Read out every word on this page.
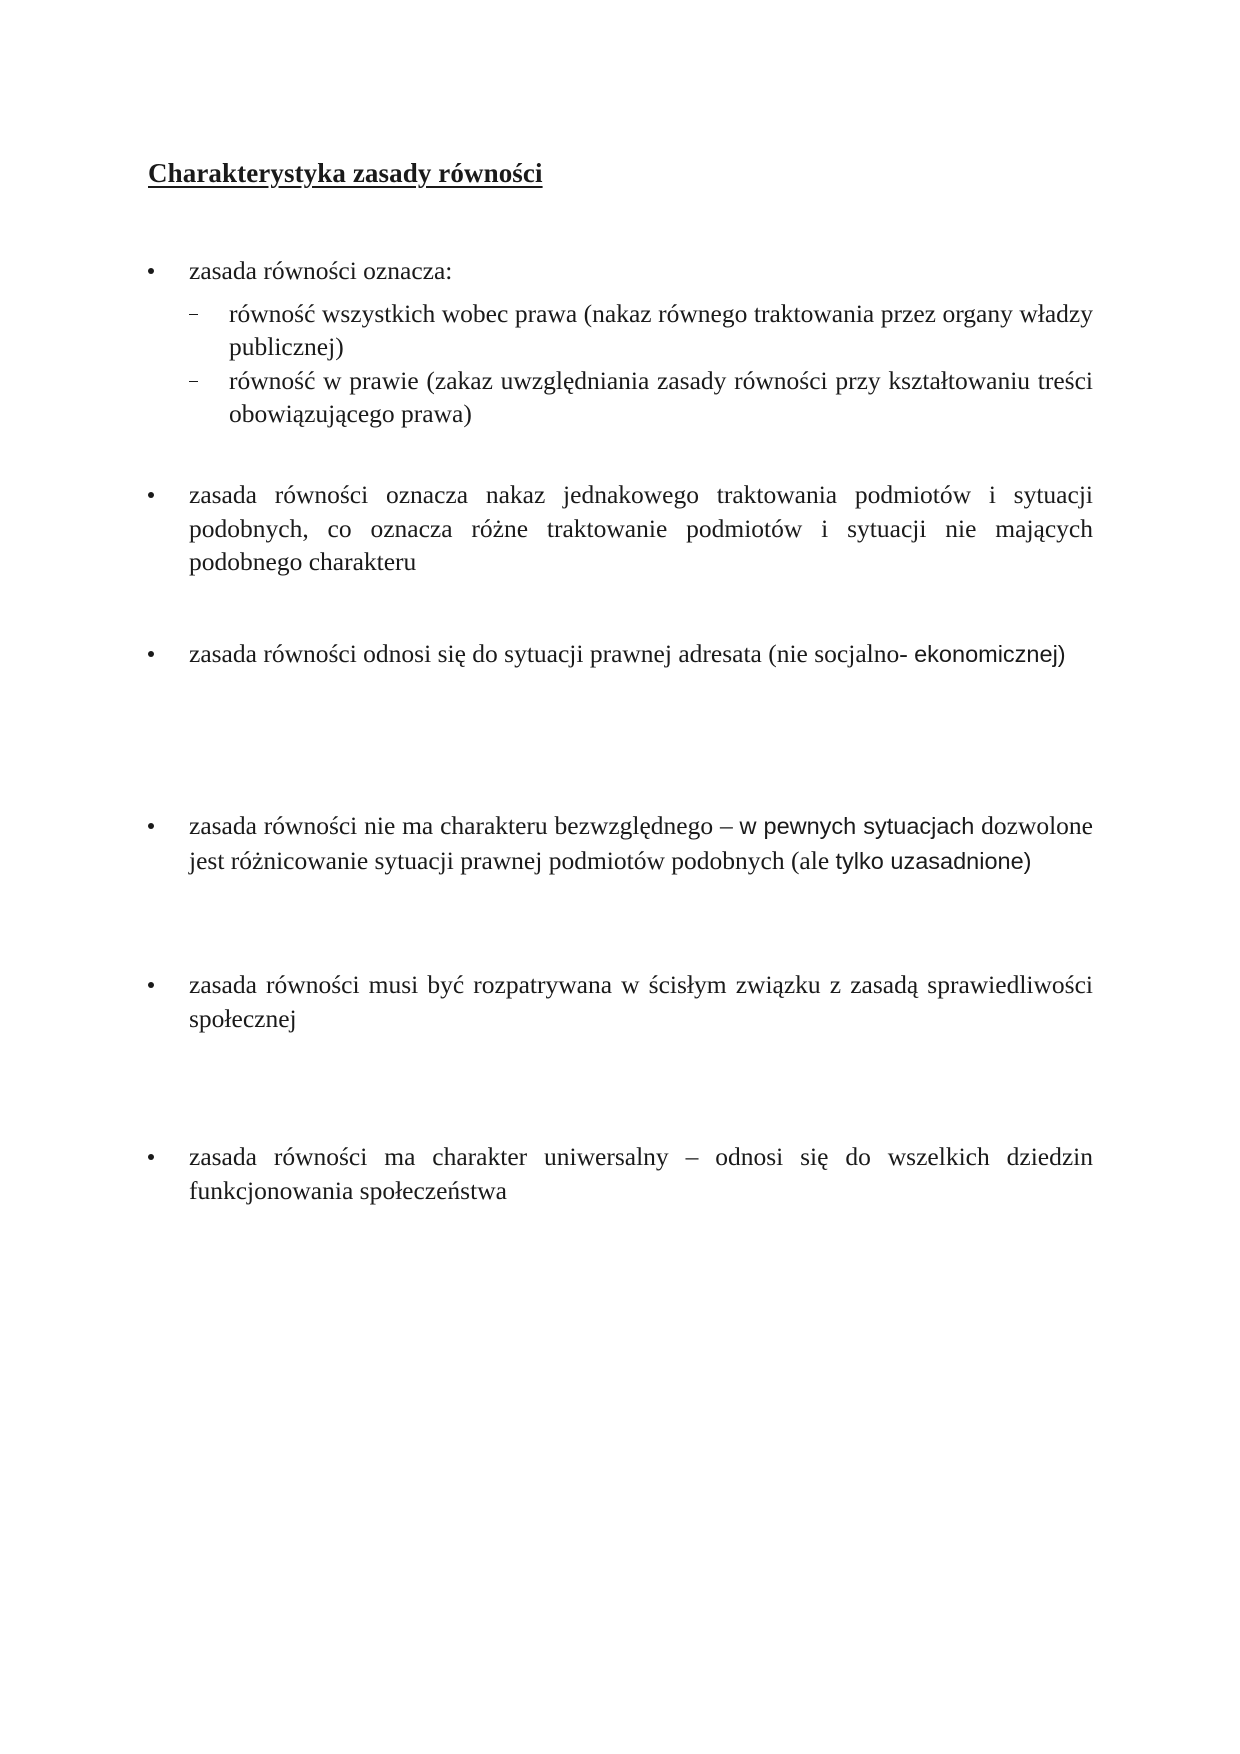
Charakterystyka zasady równości
zasada równości oznacza:
równość wszystkich wobec prawa (nakaz równego traktowania przez organy władzy publicznej)
równość w prawie (zakaz uwzględniania zasady równości przy kształtowaniu treści obowiązującego prawa)
zasada równości oznacza nakaz jednakowego traktowania podmiotów i sytuacji podobnych, co oznacza różne traktowanie podmiotów i sytuacji nie mających podobnego charakteru
zasada równości odnosi się do sytuacji prawnej adresata (nie socjalno- ekonomicznej)
zasada równości nie ma charakteru bezwzględnego – w pewnych sytuacjach dozwolone jest różnicowanie sytuacji prawnej podmiotów podobnych (ale tylko uzasadnione)
zasada równości musi być rozpatrywana w ścisłym związku z zasadą sprawiedliwości społecznej
zasada równości ma charakter uniwersalny – odnosi się do wszelkich dziedzin funkcjonowania społeczeństwa
